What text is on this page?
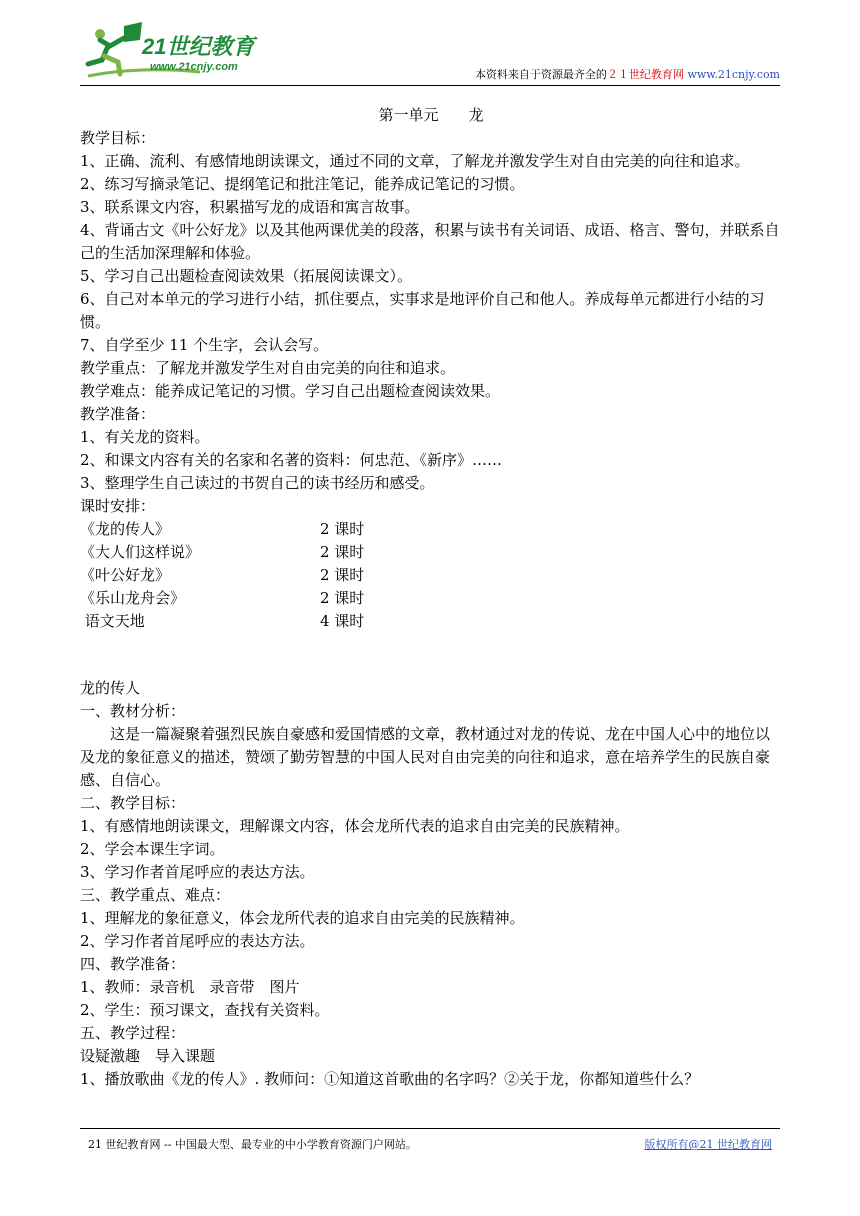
21世纪教育
www.21cnjy.com
本资料来自于资源最齐全的２１世纪教育网 www.21cnjy.com
第一单元　　龙

教学目标：

1、正确、流利、有感情地朗读课文，通过不同的文章，了解龙并激发学生对自由完美的向往和追求。

2、练习写摘录笔记、提纲笔记和批注笔记，能养成记笔记的习惯。

3、联系课文内容，积累描写龙的成语和寓言故事。

4、背诵古文《叶公好龙》以及其他两课优美的段落，积累与读书有关词语、成语、格言、警句，并联系自己的生活加深理解和体验。

5、学习自己出题检查阅读效果（拓展阅读课文）。

6、自己对本单元的学习进行小结，抓住要点，实事求是地评价自己和他人。养成每单元都进行小结的习惯。

7、自学至少 11 个生字，会认会写。

教学重点：了解龙并激发学生对自由完美的向往和追求。

教学难点：能养成记笔记的习惯。学习自己出题检查阅读效果。

教学准备：

1、有关龙的资料。

2、和课文内容有关的名家和名著的资料：何忠范、《新序》……

3、整理学生自己读过的书贺自己的读书经历和感受。

课时安排：

《龙的传人》	2 课时
《大人们这样说》	2 课时
《叶公好龙》	2 课时
《乐山龙舟会》	2 课时
语文天地	4 课时

龙的传人

一、教材分析：

这是一篇凝聚着强烈民族自豪感和爱国情感的文章，教材通过对龙的传说、龙在中国人心中的地位以及龙的象征意义的描述，赞颂了勤劳智慧的中国人民对自由完美的向往和追求，意在培养学生的民族自豪感、自信心。

二、教学目标：

1、有感情地朗读课文，理解课文内容，体会龙所代表的追求自由完美的民族精神。

2、学会本课生字词。

3、学习作者首尾呼应的表达方法。

三、教学重点、难点：

1、理解龙的象征意义，体会龙所代表的追求自由完美的民族精神。

2、学习作者首尾呼应的表达方法。

四、教学准备：

1、教师：录音机　录音带　图片

2、学生：预习课文，查找有关资料。

五、教学过程：

设疑激趣　导入课题

1、播放歌曲《龙的传人》. 教师问：①知道这首歌曲的名字吗？②关于龙，你都知道些什么？

21 世纪教育网 -- 中国最大型、最专业的中小学教育资源门户网站。	版权所有@21 世纪教育网
